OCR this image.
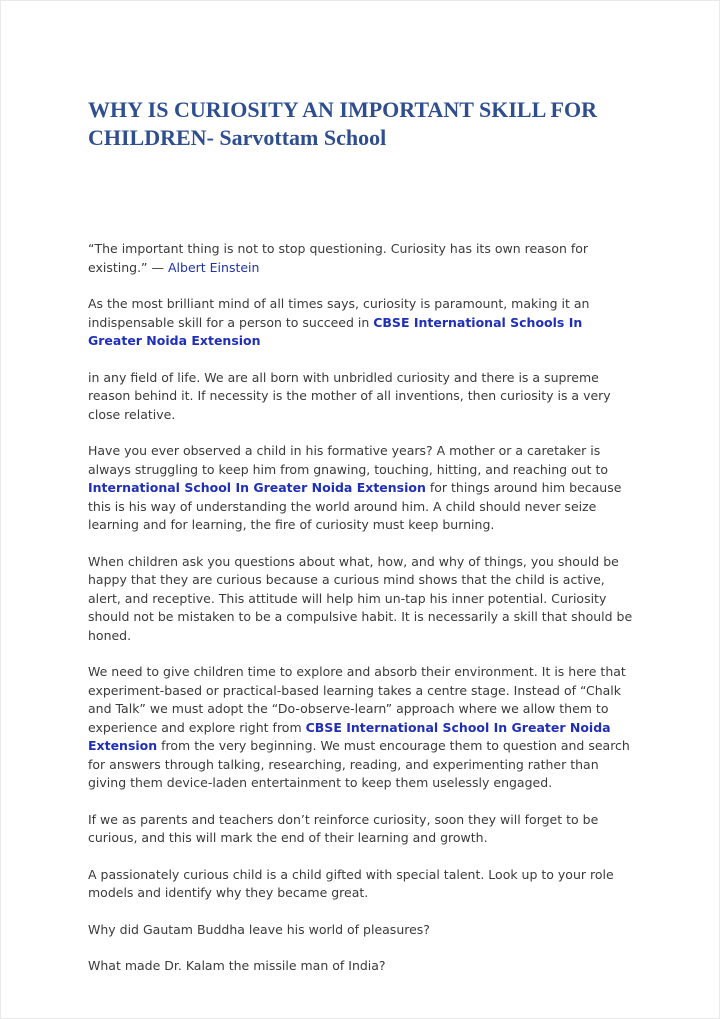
WHY IS CURIOSITY AN IMPORTANT SKILL FOR
CHILDREN- Sarvottam School

“The important thing is not to stop questioning. Curiosity has its own reason for existing.” — Albert Einstein

As the most brilliant mind of all times says, curiosity is paramount, making it an indispensable skill for a person to succeed in CBSE International Schools In Greater Noida Extension

in any field of life. We are all born with unbridled curiosity and there is a supreme reason behind it. If necessity is the mother of all inventions, then curiosity is a very close relative.

Have you ever observed a child in his formative years? A mother or a caretaker is always struggling to keep him from gnawing, touching, hitting, and reaching out to International School In Greater Noida Extension for things around him because this is his way of understanding the world around him. A child should never seize learning and for learning, the fire of curiosity must keep burning.

When children ask you questions about what, how, and why of things, you should be happy that they are curious because a curious mind shows that the child is active, alert, and receptive. This attitude will help him un-tap his inner potential. Curiosity should not be mistaken to be a compulsive habit. It is necessarily a skill that should be honed.

We need to give children time to explore and absorb their environment. It is here that experiment-based or practical-based learning takes a centre stage. Instead of “Chalk and Talk” we must adopt the “Do-observe-learn” approach where we allow them to experience and explore right from CBSE International School In Greater Noida Extension from the very beginning. We must encourage them to question and search for answers through talking, researching, reading, and experimenting rather than giving them device-laden entertainment to keep them uselessly engaged.

If we as parents and teachers don’t reinforce curiosity, soon they will forget to be curious, and this will mark the end of their learning and growth.

A passionately curious child is a child gifted with special talent. Look up to your role models and identify why they became great.

Why did Gautam Buddha leave his world of pleasures?

What made Dr. Kalam the missile man of India?
